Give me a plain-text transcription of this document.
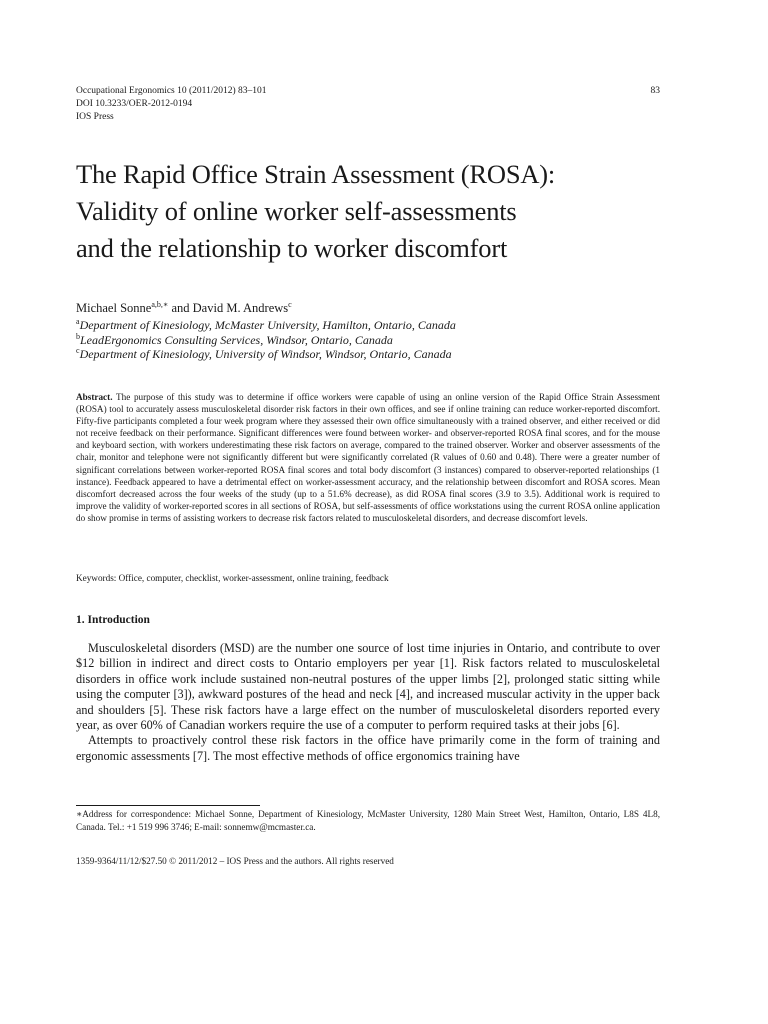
Occupational Ergonomics 10 (2011/2012) 83–101
DOI 10.3233/OER-2012-0194
IOS Press
83
The Rapid Office Strain Assessment (ROSA):
Validity of online worker self-assessments
and the relationship to worker discomfort
Michael Sonne$^{a,b,∗}$ and David M. Andrews$^c$
$^a$Department of Kinesiology, McMaster University, Hamilton, Ontario, Canada
$^b$LeadErgonomics Consulting Services, Windsor, Ontario, Canada
$^c$Department of Kinesiology, University of Windsor, Windsor, Ontario, Canada
Abstract. The purpose of this study was to determine if office workers were capable of using an online version of the Rapid Office Strain Assessment (ROSA) tool to accurately assess musculoskeletal disorder risk factors in their own offices, and see if online training can reduce worker-reported discomfort. Fifty-five participants completed a four week program where they assessed their own office simultaneously with a trained observer, and either received or did not receive feedback on their performance. Significant differences were found between worker- and observer-reported ROSA final scores, and for the mouse and keyboard section, with workers underestimating these risk factors on average, compared to the trained observer. Worker and observer assessments of the chair, monitor and telephone were not significantly different but were significantly correlated (R values of 0.60 and 0.48). There were a greater number of significant correlations between worker-reported ROSA final scores and total body discomfort (3 instances) compared to observer-reported relationships (1 instance). Feedback appeared to have a detrimental effect on worker-assessment accuracy, and the relationship between discomfort and ROSA scores. Mean discomfort decreased across the four weeks of the study (up to a 51.6% decrease), as did ROSA final scores (3.9 to 3.5). Additional work is required to improve the validity of worker-reported scores in all sections of ROSA, but self-assessments of office workstations using the current ROSA online application do show promise in terms of assisting workers to decrease risk factors related to musculoskeletal disorders, and decrease discomfort levels.
Keywords: Office, computer, checklist, worker-assessment, online training, feedback
1. Introduction

Musculoskeletal disorders (MSD) are the number one source of lost time injuries in Ontario, and contribute to over $12 billion in indirect and direct costs to Ontario employers per year [1]. Risk factors related to musculoskeletal disorders in office work include sustained non-neutral postures of the upper limbs [2], prolonged static sitting while using the computer [3]), awkward postures of the head and neck [4], and increased muscular activity in the upper back and shoulders [5]. These risk factors have a large effect on the number of musculoskeletal disorders reported every year, as over 60% of Canadian workers require the use of a computer to perform required tasks at their jobs [6].

Attempts to proactively control these risk factors in the office have primarily come in the form of training and ergonomic assessments [7]. The most effective methods of office ergonomics training have

∗Address for correspondence: Michael Sonne, Department of Kinesiology, McMaster University, 1280 Main Street West, Hamilton, Ontario, L8S 4L8, Canada. Tel.: +1 519 996 3746; E-mail: sonnemw@mcmaster.ca.
1359-9364/11/12/$27.50 © 2011/2012 – IOS Press and the authors. All rights reserved
